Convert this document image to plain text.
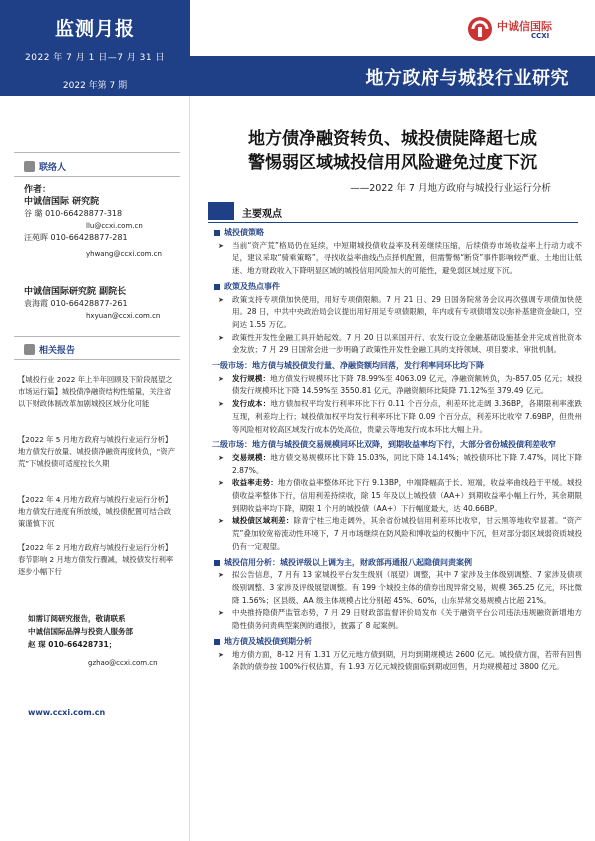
监测月报
2022 年 7 月 1 日—7 月 31 日
2022 年第 7 期
中诚信国际
CCXI
地方政府与城投行业研究
联络人
作者：
中诚信国际 研究院
谷 璐 010-66428877-318
llu@ccxi.com.cn
汪苑晖 010-66428877-281
yhwang@ccxi.com.cn
中诚信国际研究院 副院长
袁海霞 010-66428877-261
hxyuan@ccxi.com.cn
相关报告
【城投行业 2022 年上半年回顾及下阶段展望之市场运行篇】城投债净融资结构性缩量，关注省以下财政体制改革加剧城投区域分化可能
【2022 年 5 月地方政府与城投行业运行分析】地方债发行放量、城投债净融资再度转负，“资产荒”下城投债可适度拉长久期
【2022 年 4 月地方政府与城投行业运行分析】地方债发行进度有所放缓，城投债配置可结合政策谨慎下沉
【2022 年 2 月地方政府与城投行业运行分析】春节影响 2 月地方债发行骤减，城投债发行利率逐步小幅下行
如需订阅研究报告，敬请联系
中诚信国际品牌与投资人服务部
赵 琛 010-66428731；
gzhao@ccxi.com.cn
www.ccxi.com.cn
地方债净融资转负、城投债陡降超七成
警惕弱区域城投信用风险避免过度下沉
——2022 年 7 月地方政府与城投行业运行分析
主要观点
城投债策略
➤ 当前“资产荒”格局仍在延续，中短期城投债收益率及利差继续压缩，后续债券市场收益率上行动力或不足，建议采取“骑乘策略”，寻找收益率曲线凸点择机配置，但需警惕“断贷”事件影响较严重、土地出让低迷、地方财政收入下降明显区域的城投信用风险加大的可能性，避免弱区域过度下沉。
政策及热点事件
➤ 政策支持专项债加快使用，用好专项债限额。7 月 21 日、29 日国务院常务会议再次强调专项债加快使用。28 日，中共中央政治局会议提出用好用足专项债限额，年内或有专项债增发以弥补基建资金缺口，空间达 1.55 万亿。
➤ 政策性开发性金融工具开始起效。7 月 20 日以来国开行、农发行设立金融基础设施基金并完成首批资本金发放；7 月 29 日国常会进一步明确了政策性开发性金融工具的支持领域、项目要求、审批机制。
一级市场：地方债与城投债发行量、净融资额均回落，发行利率同环比均下降
➤ 发行规模：地方债发行规模环比下降 78.99%至 4063.09 亿元，净融资额转负，为-857.05 亿元；城投债发行规模环比下降 14.59%至 3550.81 亿元，净融资额环比陡降 71.12%至 379.49 亿元。
➤ 发行成本：地方债加权平均发行利率环比下行 0.11 个百分点，利差环比走阔 3.36BP，各期限利率涨跌互现，利差均上行；城投债加权平均发行利率环比下降 0.09 个百分点，利差环比收窄 7.69BP，但贵州等风险相对较高区域发行成本仍处高位，贵蒙云等地发行成本环比大幅上升。
二级市场：地方债与城投债交易规模同环比双降，到期收益率均下行，大部分省份城投债利差收窄
➤ 交易规模：地方债交易规模环比下降 15.03%，同比下降 14.14%；城投债环比下降 7.47%，同比下降 2.87%。
➤ 收益率走势：地方债收益率整体环比下行 9.13BP，中端降幅高于长、短端，收益率曲线趋于平缓。城投债收益率整体下行，信用利差持续收，除 15 年及以上城投债（AA+）到期收益率小幅上行外，其余期限到期收益率均下降，期限 1 个月的城投债（AA+）下行幅度最大，达 40.66BP。
➤ 城投债区域利差：除青宁桂三地走阔外，其余省份城投信用利差环比收窄，甘云黑等地收窄显著。“资产荒”叠加较宽裕流动性环境下，7 月市场继续在防风险和博收益的权衡中下沉，但对部分弱区域弱资质城投仍有一定观望。
城投信用分析：城投评级以上调为主，财政部再通报八起隐债问责案例
➤ 拟公告信息，7 月有 13 家城投平台发生级别（展望）调整，其中 7 家涉及主体级别调整、7 家涉及债项级别调整、3 家涉及评级展望调整。有 199 个城投主体的债券出现异常交易，规模 365.25 亿元，环比微降 1.56%；区县级、AA 级主体规模占比分别超 45%、60%，山东异常交易规模占比超 21%。
➤ 中央推持隐债严监管态势，7 月 29 日财政部监督评价局发布《关于融资平台公司违法违规融资新增地方隐性债务问责典型案例的通报》，披露了 8 起案例。
地方债及城投债到期分析
➤ 地方债方面，8-12 月有 1.31 万亿元地方债到期，月均到期规模达 2600 亿元。城投债方面，若带有回售条款的债券按 100%行权估算，有 1.93 万亿元城投债面临到期或回售，月均规模超过 3800 亿元。
